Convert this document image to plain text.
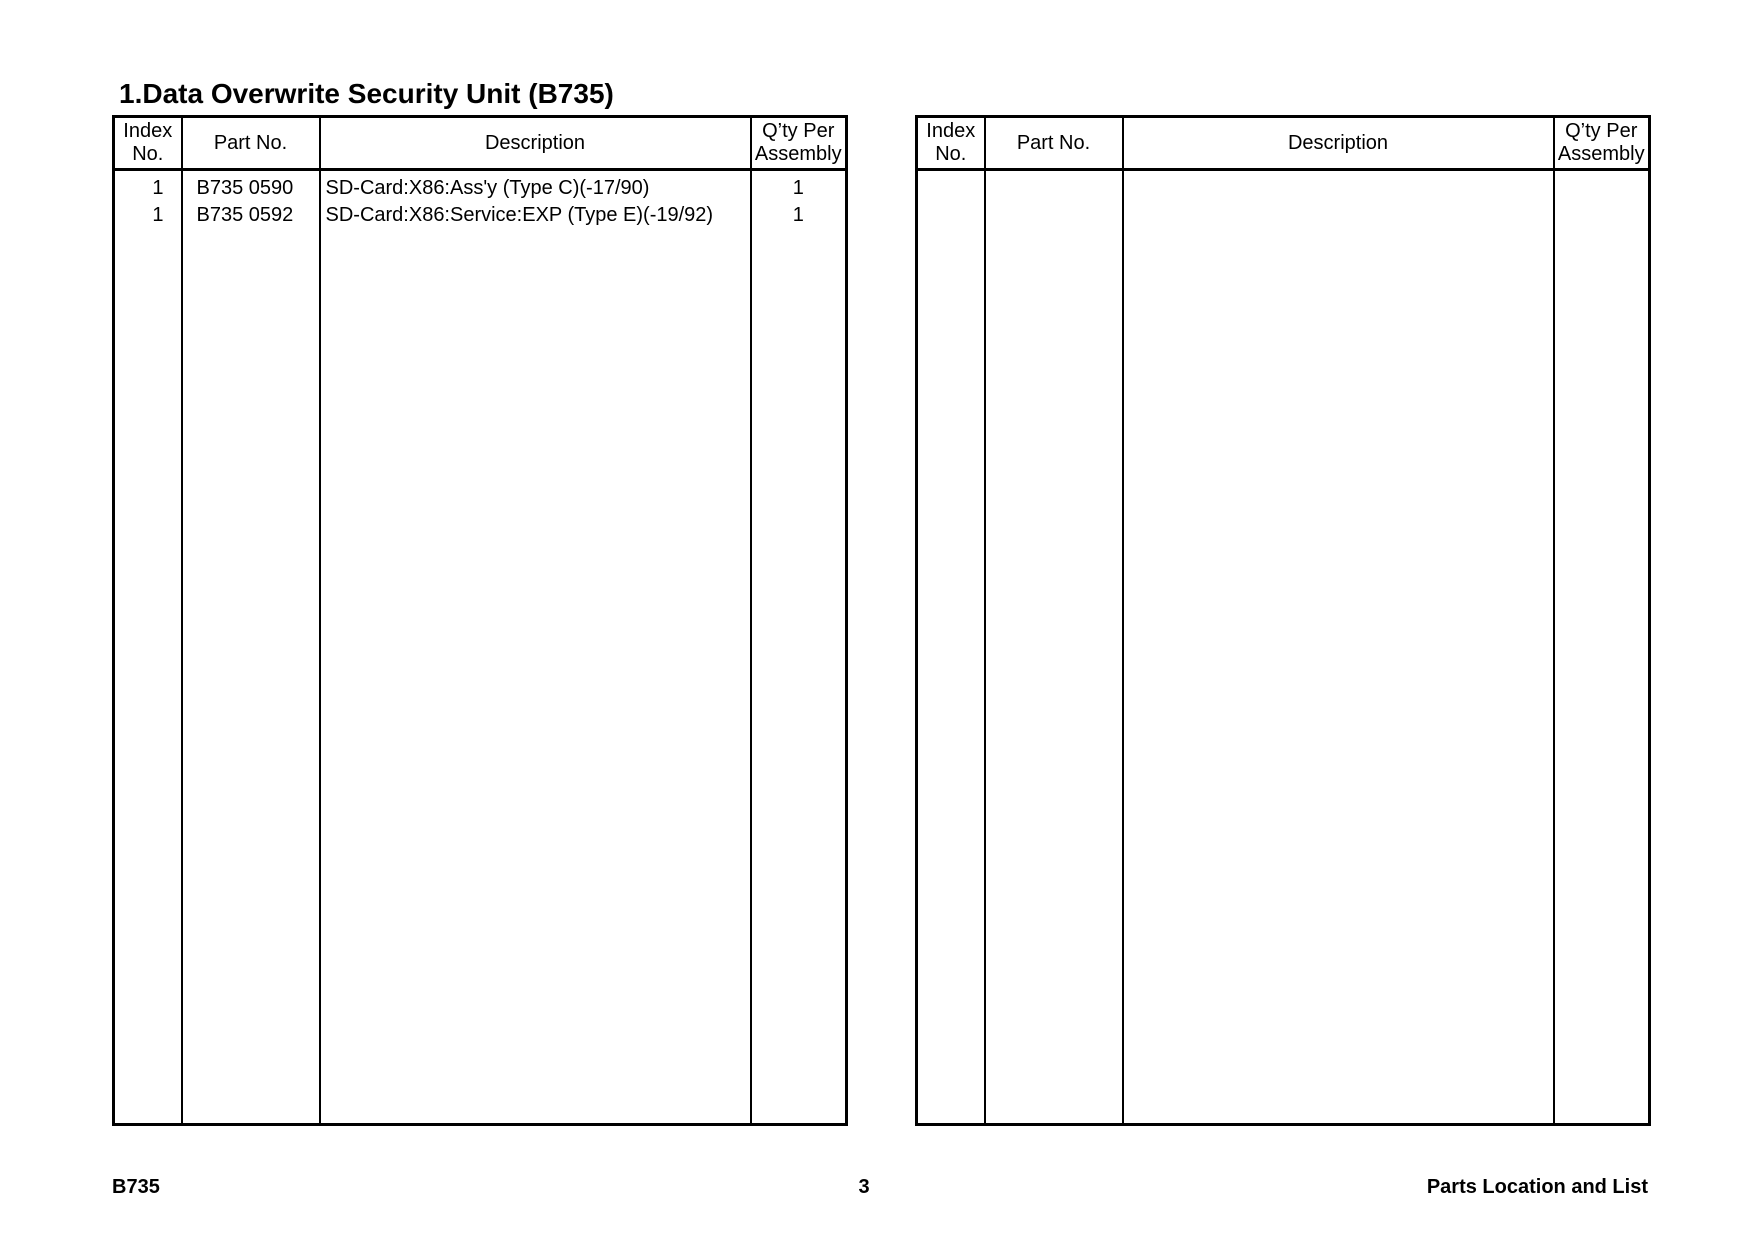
1.Data Overwrite Security Unit (B735)
Index
No.	Part No.	Description	Q’ty Per
Assembly

1	B735 0590	SD-Card:X86:Ass'y (Type C)(-17/90)	1
1	B735 0592	SD-Card:X86:Service:EXP (Type E)(-19/92)	1

Index
No.	Part No.	Description	Q’ty Per
Assembly

B735	3	Parts Location and List
